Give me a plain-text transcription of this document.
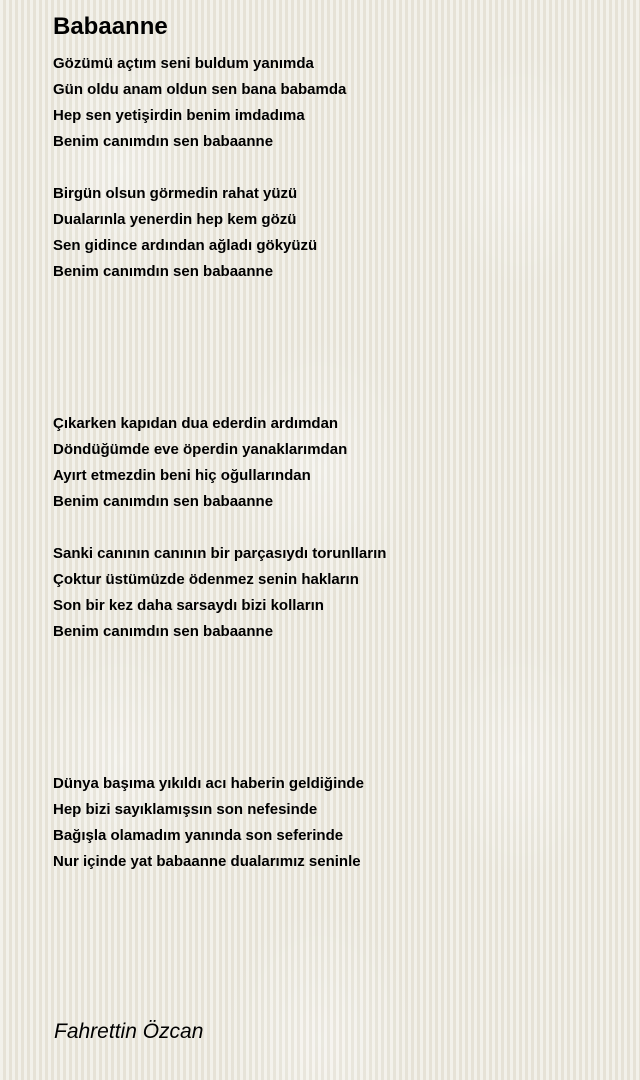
Babaanne
Gözümü açtım seni buldum yanımda
Gün oldu anam oldun sen bana babamda
Hep sen yetişirdin benim imdadıma
Benim canımdın sen babaanne
Birgün olsun görmedin rahat yüzü
Dualarınla yenerdin hep kem gözü
Sen gidince ardından ağladı gökyüzü
Benim canımdın sen babaanne
Çıkarken kapıdan dua ederdin ardımdan
Döndüğümde eve öperdin yanaklarımdan
Ayırt etmezdin beni hiç oğullarından
Benim canımdın sen babaanne
Sanki canının canının bir parçasıydı torunlların
Çoktur üstümüzde ödenmez senin hakların
Son bir kez daha sarsaydı bizi kolların
Benim canımdın sen babaanne
Dünya başıma yıkıldı acı haberin geldiğinde
Hep bizi sayıklamışsın son nefesinde
Bağışla olamadım yanında son seferinde
Nur içinde yat babaanne dualarımız seninle
Fahrettin Özcan
